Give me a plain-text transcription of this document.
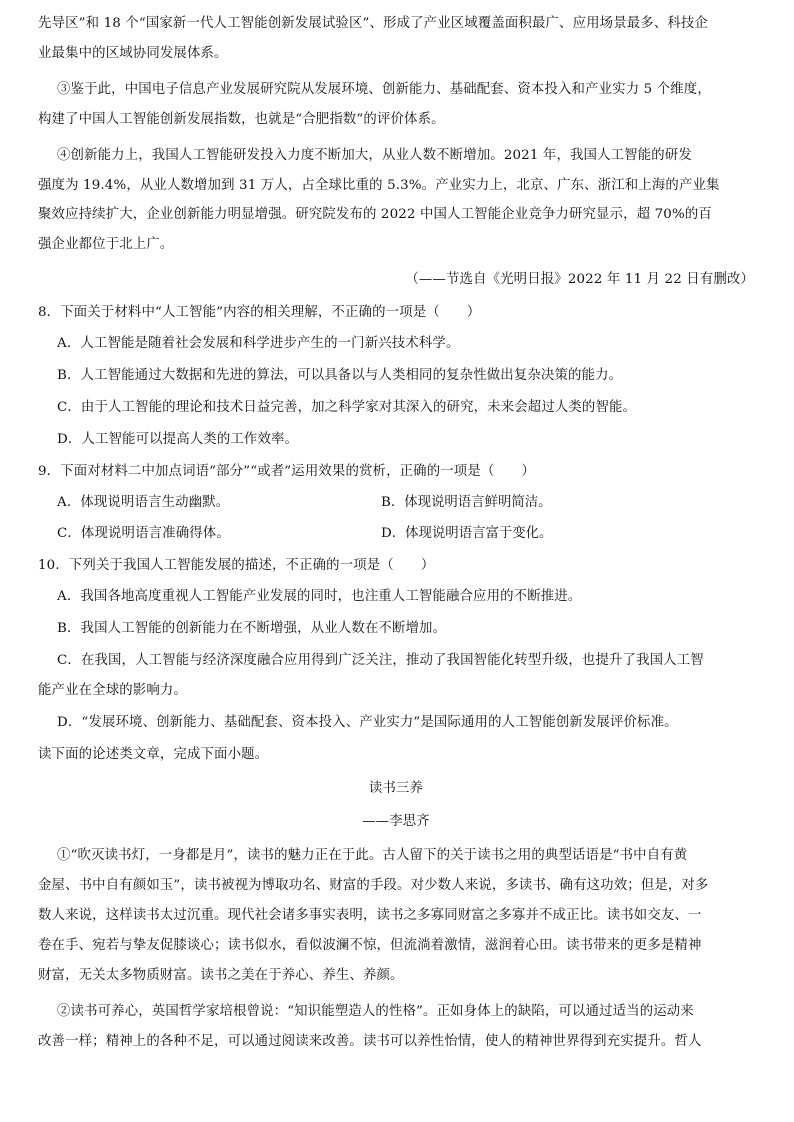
先导区”和 18 个“国家新一代人工智能创新发展试验区”、形成了产业区域覆盖面积最广、应用场景最多、科技企
业最集中的区域协同发展体系。
③鉴于此，中国电子信息产业发展研究院从发展环境、创新能力、基础配套、资本投入和产业实力 5 个维度，
构建了中国人工智能创新发展指数，也就是“合肥指数”的评价体系。
④创新能力上，我国人工智能研发投入力度不断加大，从业人数不断增加。2021 年，我国人工智能的研发
强度为 19.4%，从业人数增加到 31 万人，占全球比重的 5.3%。产业实力上，北京、广东、浙江和上海的产业集
聚效应持续扩大，企业创新能力明显增强。研究院发布的 2022 中国人工智能企业竞争力研究显示，超 70%的百
强企业都位于北上广。
（——节选自《光明日报》2022 年 11 月 22 日有删改）
8．下面关于材料中“人工智能”内容的相关理解，不正确的一项是（　　）
A．人工智能是随着社会发展和科学进步产生的一门新兴技术科学。
B．人工智能通过大数据和先进的算法，可以具备以与人类相同的复杂性做出复杂决策的能力。
C．由于人工智能的理论和技术日益完善，加之科学家对其深入的研究，未来会超过人类的智能。
D．人工智能可以提高人类的工作效率。
9．下面对材料二中加点词语“部分”“或者”运用效果的赏析，正确的一项是（　　）
A．体现说明语言生动幽默。	B．体现说明语言鲜明简洁。
C．体现说明语言准确得体。	D．体现说明语言富于变化。
10．下列关于我国人工智能发展的描述，不正确的一项是（　　）
A．我国各地高度重视人工智能产业发展的同时，也注重人工智能融合应用的不断推进。
B．我国人工智能的创新能力在不断增强，从业人数在不断增加。
C．在我国，人工智能与经济深度融合应用得到广泛关注，推动了我国智能化转型升级，也提升了我国人工智
能产业在全球的影响力。
D．“发展环境、创新能力、基础配套、资本投入、产业实力”是国际通用的人工智能创新发展评价标准。
读下面的论述类文章，完成下面小题。
读书三养
——李思齐
①“吹灭读书灯，一身都是月”，读书的魅力正在于此。古人留下的关于读书之用的典型话语是“书中自有黄
金屋、书中自有颜如玉”，读书被视为博取功名、财富的手段。对少数人来说，多读书、确有这功效；但是，对多
数人来说，这样读书太过沉重。现代社会诸多事实表明，读书之多寡同财富之多寡并不成正比。读书如交友、一
卷在手、宛若与挚友促膝谈心；读书似水，看似波澜不惊，但流淌着激情，滋润着心田。读书带来的更多是精神
财富，无关太多物质财富。读书之美在于养心、养生、养颜。
②读书可养心，英国哲学家培根曾说：“知识能塑造人的性格”。正如身体上的缺陷，可以通过适当的运动来
改善一样；精神上的各种不足，可以通过阅读来改善。读书可以养性怡情，使人的精神世界得到充实提升。哲人
